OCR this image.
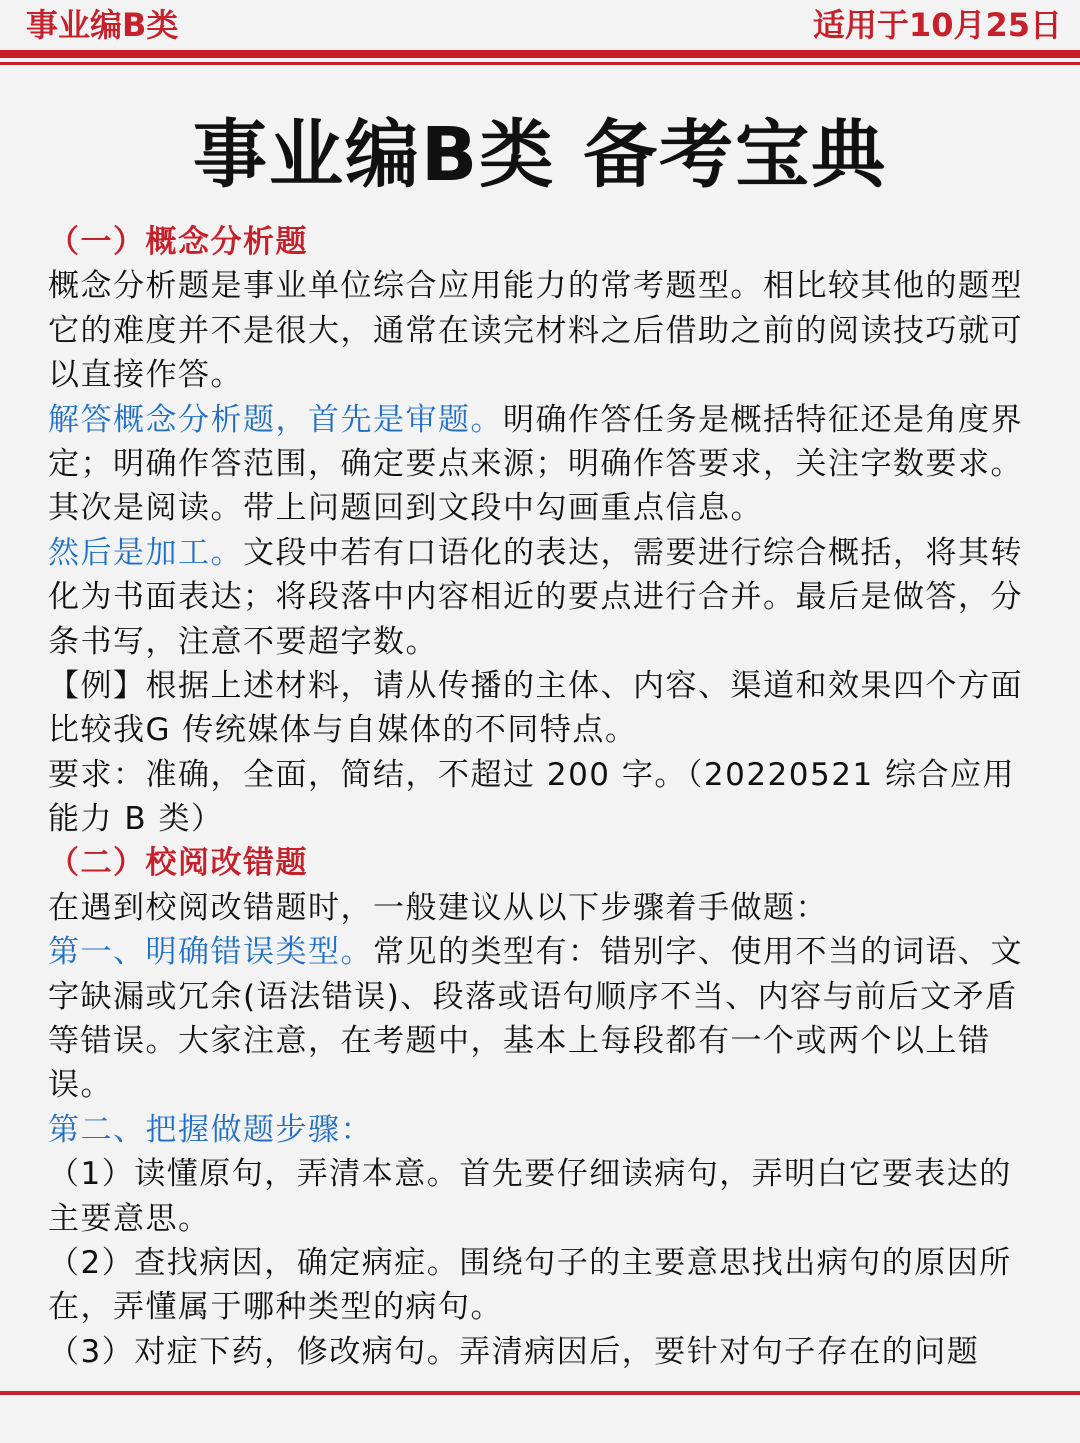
事业编B类	适用于10月25日
事业编B类 备考宝典
（一）概念分析题
概念分析题是事业单位综合应用能力的常考题型。相比较其他的题型
它的难度并不是很大，通常在读完材料之后借助之前的阅读技巧就可
以直接作答。
解答概念分析题，首先是审题。明确作答任务是概括特征还是角度界
定；明确作答范围，确定要点来源；明确作答要求，关注字数要求。
其次是阅读。带上问题回到文段中勾画重点信息。
然后是加工。文段中若有口语化的表达，需要进行综合概括，将其转
化为书面表达；将段落中内容相近的要点进行合并。最后是做答，分
条书写，注意不要超字数。
【例】根据上述材料，请从传播的主体、内容、渠道和效果四个方面
比较我G 传统媒体与自媒体的不同特点。
要求：准确，全面，简结，不超过 200 字。（20220521 综合应用
能力 B 类）
（二）校阅改错题
在遇到校阅改错题时，一般建议从以下步骤着手做题：
第一、明确错误类型。常见的类型有：错别字、使用不当的词语、文
字缺漏或冗余(语法错误)、段落或语句顺序不当、内容与前后文矛盾
等错误。大家注意，在考题中，基本上每段都有一个或两个以上错
误。
第二、把握做题步骤：
（1）读懂原句，弄清本意。首先要仔细读病句，弄明白它要表达的
主要意思。
（2）查找病因，确定病症。围绕句子的主要意思找出病句的原因所
在，弄懂属于哪种类型的病句。
（3）对症下药，修改病句。弄清病因后，要针对句子存在的问题
